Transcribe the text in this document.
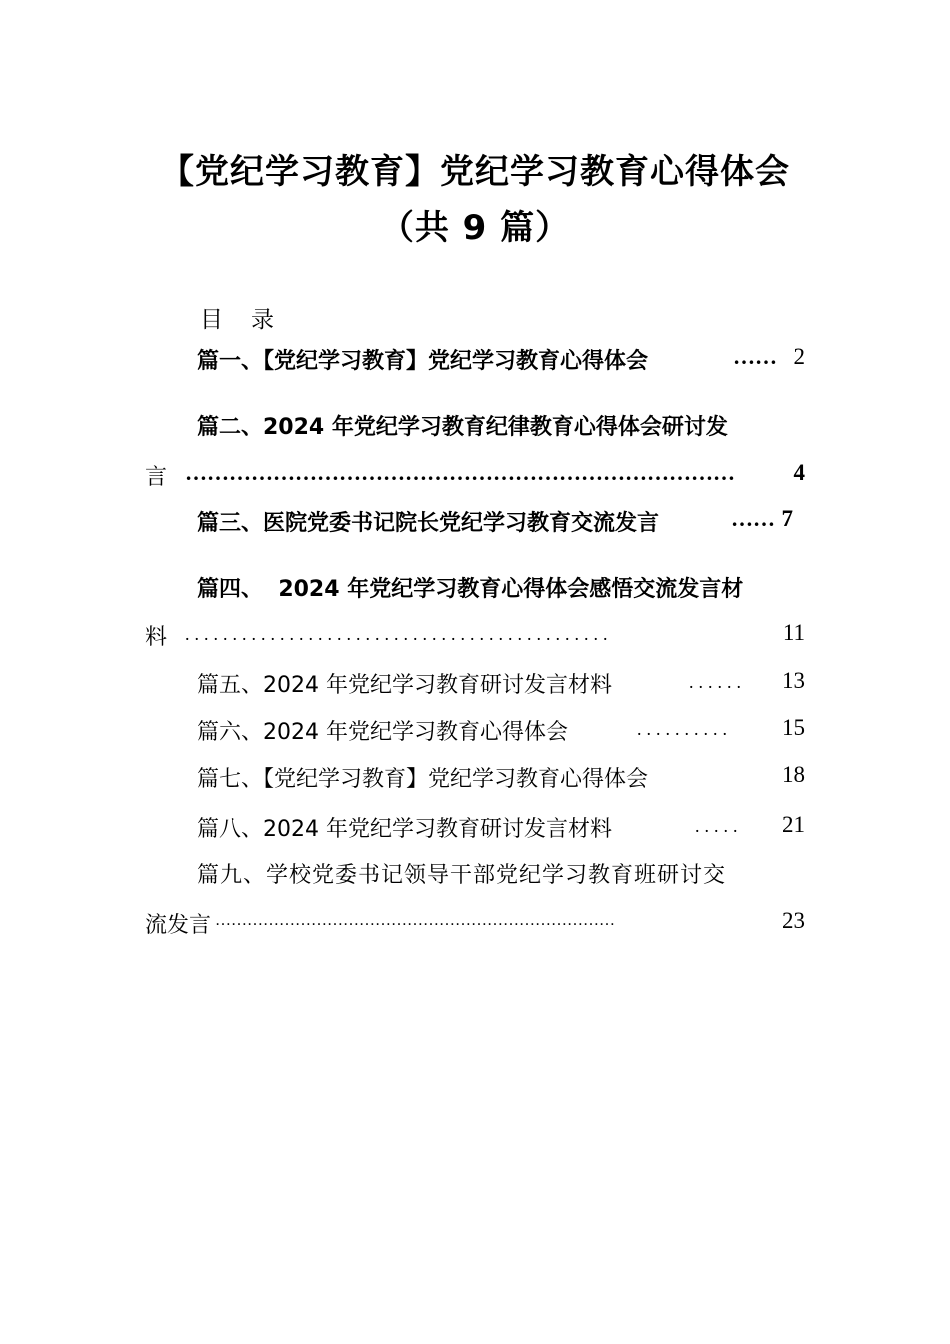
【党纪学习教育】党纪学习教育心得体会
（共 9 篇）
目 录
篇一、【党纪学习教育】党纪学习教育心得体会	…… 2
篇二、2024 年党纪学习教育纪律教育心得体会研讨发
言 …………………………………………………………………	4
篇三、医院党委书记院长党纪学习教育交流发言	…… 7
篇四、  2024 年党纪学习教育心得体会感悟交流发言材
料 .............................................	11
篇五、2024 年党纪学习教育研讨发言材料	......	13
篇六、2024 年党纪学习教育心得体会	..........	15
篇七、【党纪学习教育】党纪学习教育心得体会	18
篇八、2024 年党纪学习教育研讨发言材料	.....	21
篇九、学校党委书记领导干部党纪学习教育班研讨交
流发言 …………………………………………………………………	23
